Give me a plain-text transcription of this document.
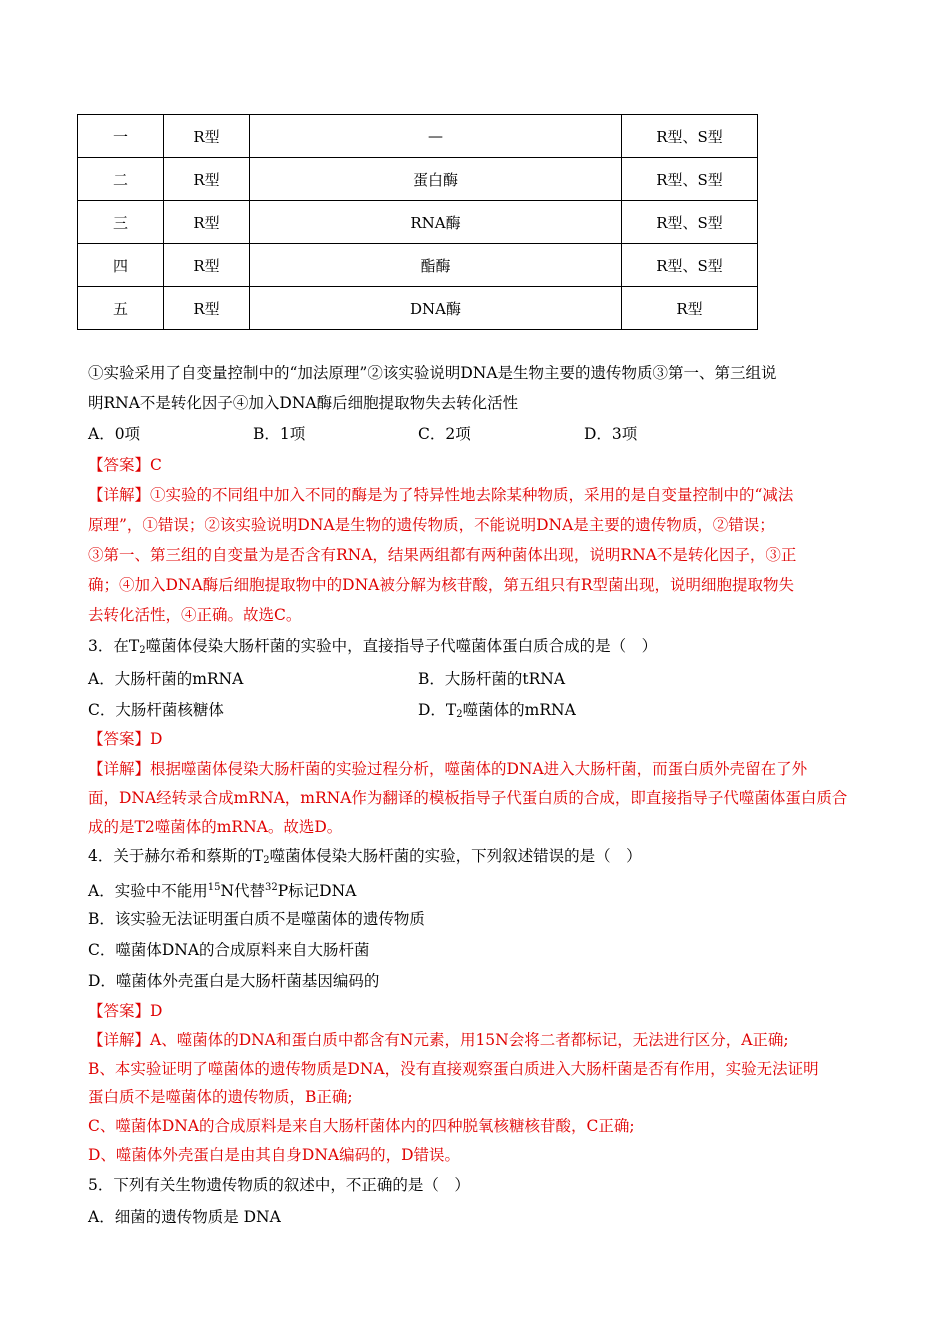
一	R型	—	R型、S型
二	R型	蛋白酶	R型、S型
三	R型	RNA酶	R型、S型
四	R型	酯酶	R型、S型
五	R型	DNA酶	R型
①实验采用了自变量控制中的“加法原理”②该实验说明DNA是生物主要的遗传物质③第一、第三组说
明RNA不是转化因子④加入DNA酶后细胞提取物失去转化活性
A．0项	B．1项	C．2项	D．3项
【答案】C
【详解】①实验的不同组中加入不同的酶是为了特异性地去除某种物质，采用的是自变量控制中的“减法
原理”，①错误；②该实验说明DNA是生物的遗传物质，不能说明DNA是主要的遗传物质，②错误；
③第一、第三组的自变量为是否含有RNA，结果两组都有两种菌体出现，说明RNA不是转化因子，③正
确；④加入DNA酶后细胞提取物中的DNA被分解为核苷酸，第五组只有R型菌出现，说明细胞提取物失
去转化活性，④正确。故选C。
3．在$T_2$噬菌体侵染大肠杆菌的实验中，直接指导子代噬菌体蛋白质合成的是（　）
A．大肠杆菌的mRNA	B．大肠杆菌的tRNA
C．大肠杆菌核糖体	D．$T_2$噬菌体的mRNA
【答案】D
【详解】根据噬菌体侵染大肠杆菌的实验过程分析，噬菌体的DNA进入大肠杆菌，而蛋白质外壳留在了外
面，DNA经转录合成mRNA，mRNA作为翻译的模板指导子代蛋白质的合成，即直接指导子代噬菌体蛋白质合
成的是T2噬菌体的mRNA。故选D。
4．关于赫尔希和蔡斯的$T_2$噬菌体侵染大肠杆菌的实验，下列叙述错误的是（　）
A．实验中不能用$^{15}$N代替$^{32}$P标记DNA
B．该实验无法证明蛋白质不是噬菌体的遗传物质
C．噬菌体DNA的合成原料来自大肠杆菌
D．噬菌体外壳蛋白是大肠杆菌基因编码的
【答案】D
【详解】A、噬菌体的DNA和蛋白质中都含有N元素，用15N会将二者都标记，无法进行区分，A正确;
B、本实验证明了噬菌体的遗传物质是DNA，没有直接观察蛋白质进入大肠杆菌是否有作用，实验无法证明
蛋白质不是噬菌体的遗传物质，B正确;
C、噬菌体DNA的合成原料是来自大肠杆菌体内的四种脱氧核糖核苷酸，C正确;
D、噬菌体外壳蛋白是由其自身DNA编码的，D错误。
5．下列有关生物遗传物质的叙述中，不正确的是（　）
A．细菌的遗传物质是 DNA
